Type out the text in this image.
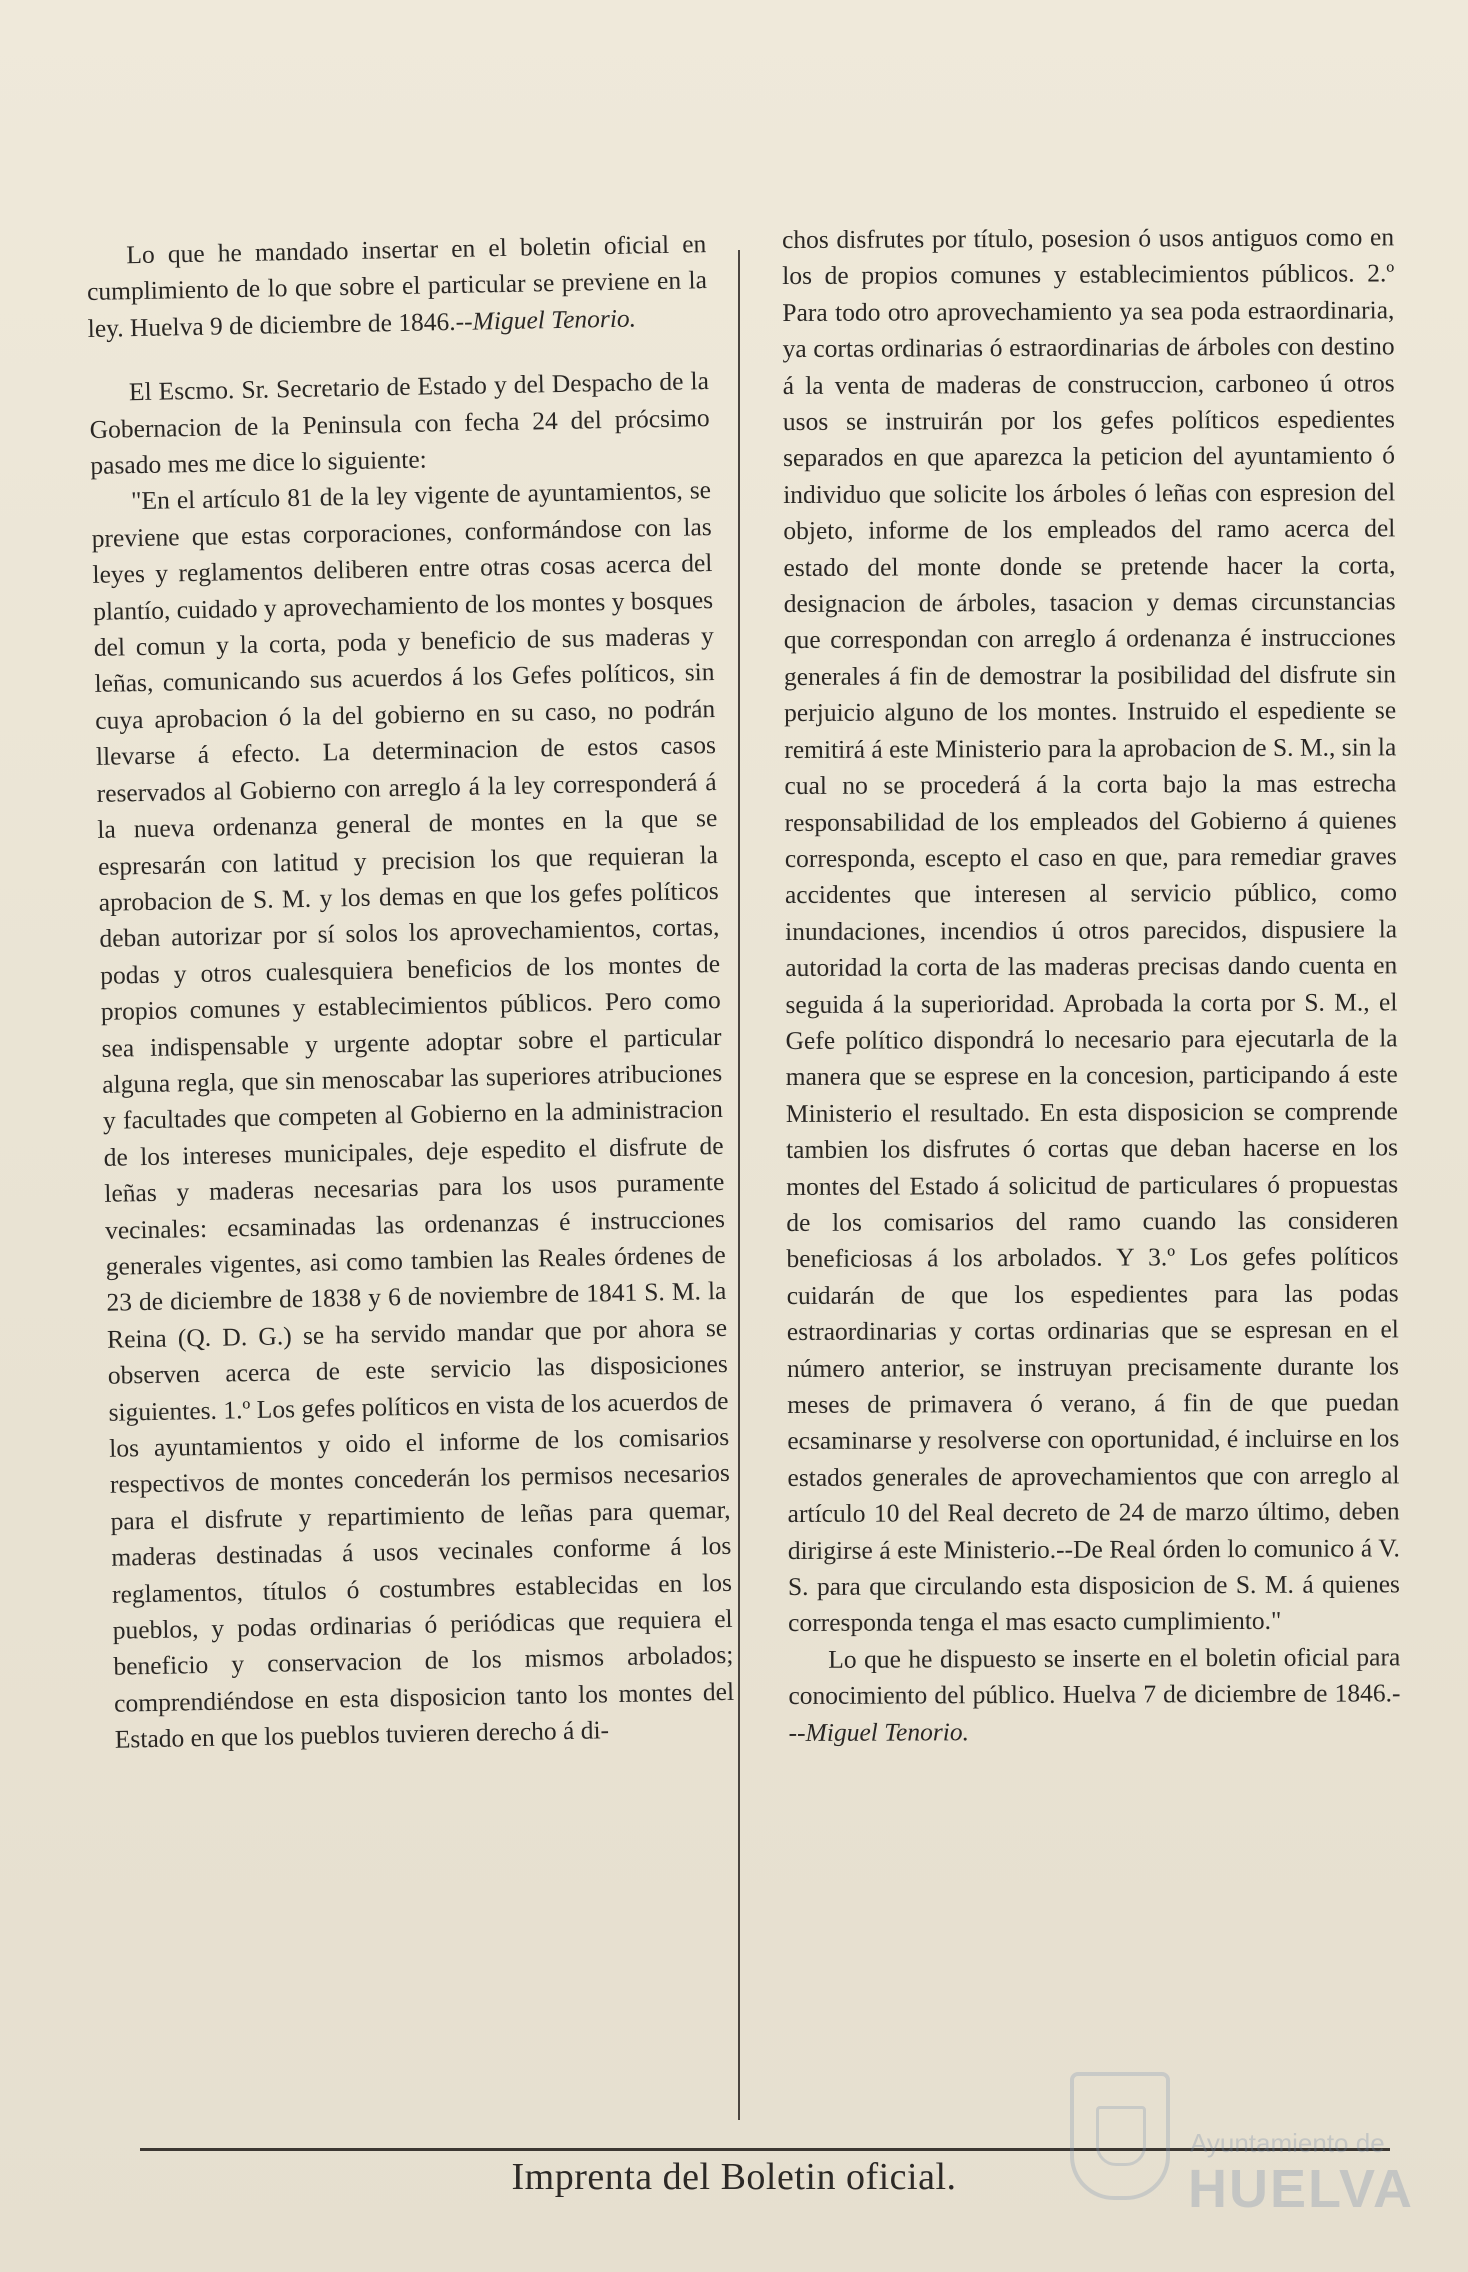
Lo que he mandado insertar en el boletin oficial en cumplimiento de lo que sobre el particular se previene en la ley. Huelva 9 de diciembre de 1846.--Miguel Tenorio.

El Escmo. Sr. Secretario de Estado y del Despacho de la Gobernacion de la Peninsula con fecha 24 del prócsimo pasado mes me dice lo siguiente:

"En el artículo 81 de la ley vigente de ayuntamientos, se previene que estas corporaciones, conformándose con las leyes y reglamentos deliberen entre otras cosas acerca del plantío, cuidado y aprovechamiento de los montes y bosques del comun y la corta, poda y beneficio de sus maderas y leñas, comunicando sus acuerdos á los Gefes políticos, sin cuya aprobacion ó la del gobierno en su caso, no podrán llevarse á efecto. La determinacion de estos casos reservados al Gobierno con arreglo á la ley corresponderá á la nueva ordenanza general de montes en la que se espresarán con latitud y precision los que requieran la aprobacion de S. M. y los demas en que los gefes políticos deban autorizar por sí solos los aprovechamientos, cortas, podas y otros cualesquiera beneficios de los montes de propios comunes y establecimientos públicos. Pero como sea indispensable y urgente adoptar sobre el particular alguna regla, que sin menoscabar las superiores atribuciones y facultades que competen al Gobierno en la administracion de los intereses municipales, deje espedito el disfrute de leñas y maderas necesarias para los usos puramente vecinales: ecsaminadas las ordenanzas é instrucciones generales vigentes, asi como tambien las Reales órdenes de 23 de diciembre de 1838 y 6 de noviembre de 1841 S. M. la Reina (Q. D. G.) se ha servido mandar que por ahora se observen acerca de este servicio las disposiciones siguientes. 1.º Los gefes políticos en vista de los acuerdos de los ayuntamientos y oido el informe de los comisarios respectivos de montes concederán los permisos necesarios para el disfrute y repartimiento de leñas para quemar, maderas destinadas á usos vecinales conforme á los reglamentos, títulos ó costumbres establecidas en los pueblos, y podas ordinarias ó periódicas que requiera el beneficio y conservacion de los mismos arbolados; comprendiéndose en esta disposicion tanto los montes del Estado en que los pueblos tuvieren derecho á di-

chos disfrutes por título, posesion ó usos antiguos como en los de propios comunes y establecimientos públicos. 2.º Para todo otro aprovechamiento ya sea poda estraordinaria, ya cortas ordinarias ó estraordinarias de árboles con destino á la venta de maderas de construccion, carboneo ú otros usos se instruirán por los gefes políticos espedientes separados en que aparezca la peticion del ayuntamiento ó individuo que solicite los árboles ó leñas con espresion del objeto, informe de los empleados del ramo acerca del estado del monte donde se pretende hacer la corta, designacion de árboles, tasacion y demas circunstancias que correspondan con arreglo á ordenanza é instrucciones generales á fin de demostrar la posibilidad del disfrute sin perjuicio alguno de los montes. Instruido el espediente se remitirá á este Ministerio para la aprobacion de S. M., sin la cual no se procederá á la corta bajo la mas estrecha responsabilidad de los empleados del Gobierno á quienes corresponda, escepto el caso en que, para remediar graves accidentes que interesen al servicio público, como inundaciones, incendios ú otros parecidos, dispusiere la autoridad la corta de las maderas precisas dando cuenta en seguida á la superioridad. Aprobada la corta por S. M., el Gefe político dispondrá lo necesario para ejecutarla de la manera que se esprese en la concesion, participando á este Ministerio el resultado. En esta disposicion se comprende tambien los disfrutes ó cortas que deban hacerse en los montes del Estado á solicitud de particulares ó propuestas de los comisarios del ramo cuando las consideren beneficiosas á los arbolados. Y 3.º Los gefes políticos cuidarán de que los espedientes para las podas estraordinarias y cortas ordinarias que se espresan en el número anterior, se instruyan precisamente durante los meses de primavera ó verano, á fin de que puedan ecsaminarse y resolverse con oportunidad, é incluirse en los estados generales de aprovechamientos que con arreglo al artículo 10 del Real decreto de 24 de marzo último, deben dirigirse á este Ministerio.--De Real órden lo comunico á V. S. para que circulando esta disposicion de S. M. á quienes corresponda tenga el mas esacto cumplimiento."

Lo que he dispuesto se inserte en el boletin oficial para conocimiento del público. Huelva 7 de diciembre de 1846.---Miguel Tenorio.

Imprenta del Boletin oficial.
Ayuntamiento de
HUELVA
